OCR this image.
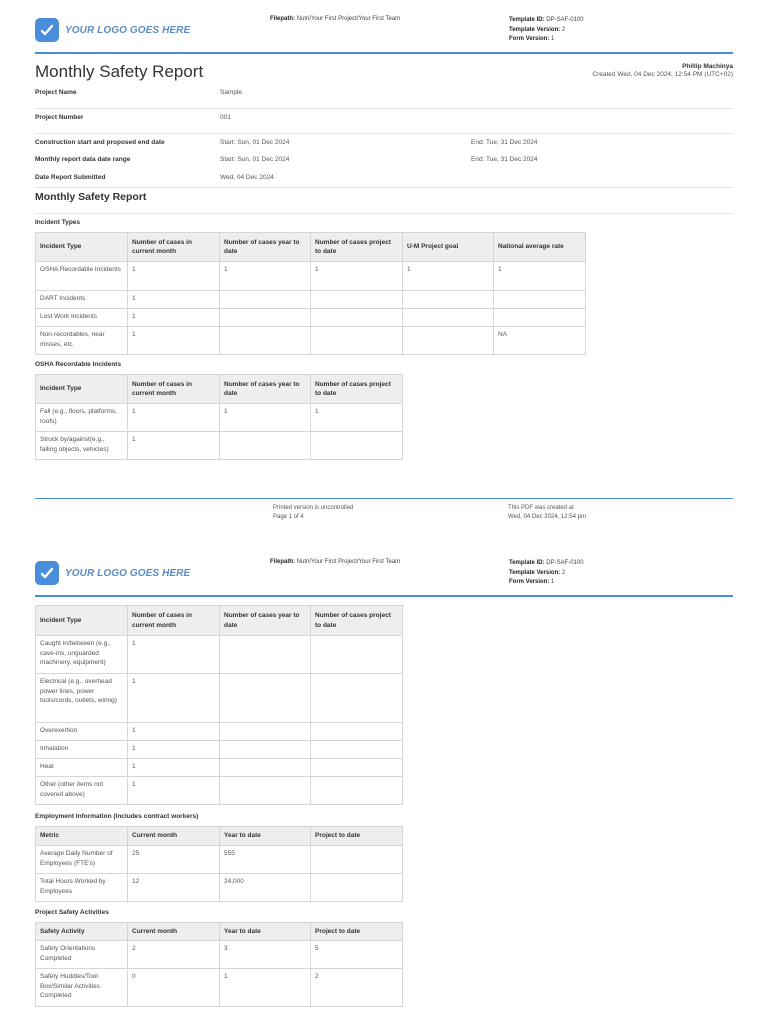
YOUR LOGO GOES HERE
Filepath: Nutri/Your First Project/Your First Team	Template ID: DP-SAF-0100
Template Version: 2
Form Version: 1
Monthly Safety Report	Phillip Machinya
Created Wed, 04 Dec 2024, 12:54 PM (UTC+02)
Project Name	Sample
Project Number	001
Construction start and proposed end date	Start: Sun, 01 Dec 2024	End: Tue, 31 Dec 2024
Monthly report data date range	Start: Sun, 01 Dec 2024	End: Tue, 31 Dec 2024
Date Report Submitted	Wed, 04 Dec 2024
Monthly Safety Report
Incident Types
Incident Type	Number of cases in current month	Number of cases year to date	Number of cases project to date	U-M Project goal	National average rate
OSHA Recordable Incidents	1	1	1	1	1
DART Incidents	1				
Lost Work Incidents	1				
Non-recordables, near misses, etc.	1				NA
OSHA Recordable Incidents
Incident Type	Number of cases in current month	Number of cases year to date	Number of cases project to date
Fall (e.g., floors, platforms, roofs)	1	1	1
Struck by/against(e.g., falling objects, vehicles)	1		
Printed version is uncontrolled
Page 1 of 4
This PDF was created at
Wed, 04 Dec 2024, 12:54 pm
YOUR LOGO GOES HERE
Filepath: Nutri/Your First Project/Your First Team	Template ID: DP-SAF-0100
Template Version: 2
Form Version: 1
Incident Type	Number of cases in current month	Number of cases year to date	Number of cases project to date
Caught in/between (e.g., cave-ins, unguarded machinery, equipment)	1		
Electrical (e.g., overhead power lines, power tools/cords, outlets, wiring)	1		
Overexertion	1		
Inhalation	1		
Heat	1		
Other (other items not covered above)	1		
Employment Information (Includes contract workers)
Metric	Current month	Year to date	Project to date
Average Daily Number of Employees (FTE's)	25	555	
Total Hours Worked by Employees	12	24,000	
Project Safety Activities
Safety Activity	Current month	Year to date	Project to date
Safety Orientations Completed	2	3	5
Safety Huddles/Tool Box/Similar Activities Completed	0	1	2
